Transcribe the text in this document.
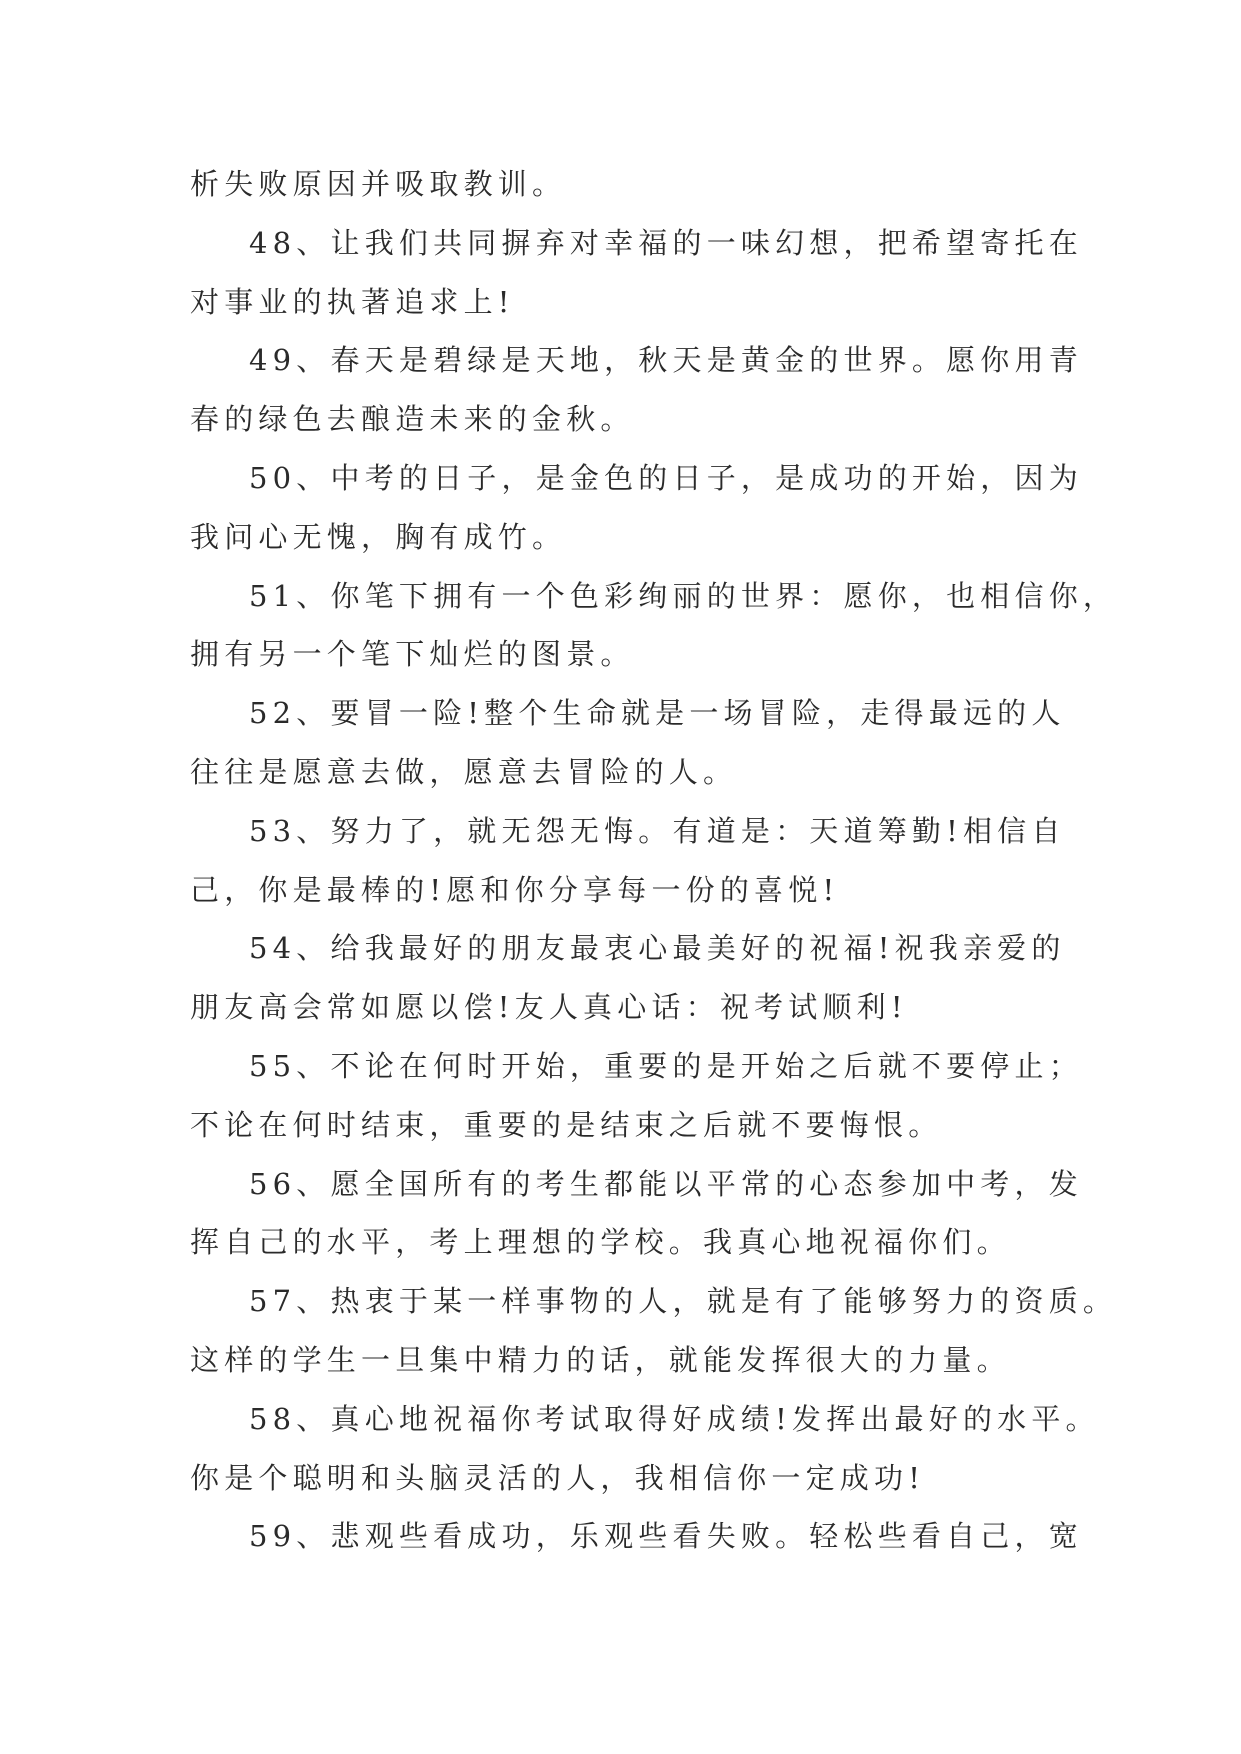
析失败原因并吸取教训。
48、让我们共同摒弃对幸福的一味幻想，把希望寄托在
对事业的执著追求上!
49、春天是碧绿是天地，秋天是黄金的世界。愿你用青
春的绿色去酿造未来的金秋。
50、中考的日子，是金色的日子，是成功的开始，因为
我问心无愧，胸有成竹。
51、你笔下拥有一个色彩绚丽的世界：愿你，也相信你，
拥有另一个笔下灿烂的图景。
52、要冒一险!整个生命就是一场冒险，走得最远的人
往往是愿意去做，愿意去冒险的人。
53、努力了，就无怨无悔。有道是：天道筹勤!相信自
己，你是最棒的!愿和你分享每一份的喜悦!
54、给我最好的朋友最衷心最美好的祝福!祝我亲爱的
朋友高会常如愿以偿!友人真心话：祝考试顺利!
55、不论在何时开始，重要的是开始之后就不要停止；
不论在何时结束，重要的是结束之后就不要悔恨。
56、愿全国所有的考生都能以平常的心态参加中考，发
挥自己的水平，考上理想的学校。我真心地祝福你们。
57、热衷于某一样事物的人，就是有了能够努力的资质。
这样的学生一旦集中精力的话，就能发挥很大的力量。
58、真心地祝福你考试取得好成绩!发挥出最好的水平。
你是个聪明和头脑灵活的人，我相信你一定成功!
59、悲观些看成功，乐观些看失败。轻松些看自己，宽
